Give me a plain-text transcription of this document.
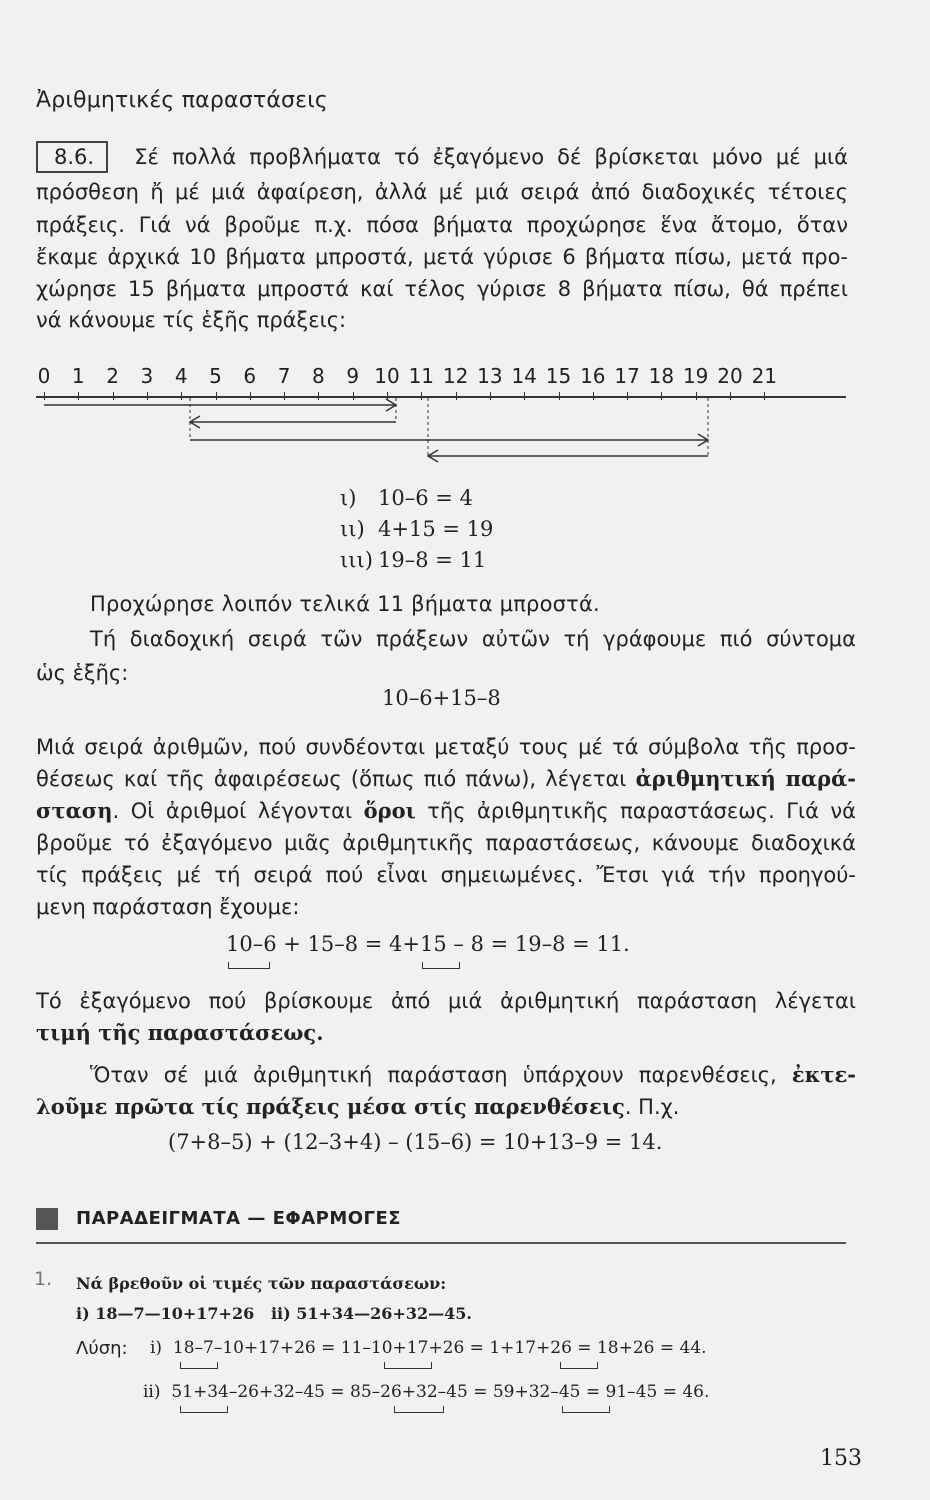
Ἀριθμητικές παραστάσεις
8.6. Σέ πολλά προβλήματα τό ἐξαγόμενο δέ βρίσκεται μόνο μέ μιά
πρόσθεση ἤ μέ μιά ἀφαίρεση, ἀλλά μέ μιά σειρά ἀπό διαδοχικές τέτοιες
πράξεις. Γιά νά βροῦμε π.χ. πόσα βήματα προχώρησε ἕνα ἄτομο, ὅταν
ἔκαμε ἀρχικά 10 βήματα μπροστά, μετά γύρισε 6 βήματα πίσω, μετά προ-
χώρησε 15 βήματα μπροστά καί τέλος γύρισε 8 βήματα πίσω, θά πρέπει
νά κάνουμε τίς ἑξῆς πράξεις:
0 1 2 3 4 5 6 7 8 9 10 11 12 13 14 15 16 17 18 19 20 21
ι) 10–6 = 4
ιι) 4+15 = 19
ιιι) 19–8 = 11
Προχώρησε λοιπόν τελικά 11 βήματα μπροστά.
Τή διαδοχική σειρά τῶν πράξεων αὐτῶν τή γράφουμε πιό σύντομα
ὡς ἑξῆς:
10–6+15–8
Μιά σειρά ἀριθμῶν, πού συνδέονται μεταξύ τους μέ τά σύμβολα τῆς προσ-
θέσεως καί τῆς ἀφαιρέσεως (ὅπως πιό πάνω), λέγεται ἀριθμητική παρά-
σταση. Οἱ ἀριθμοί λέγονται ὅροι τῆς ἀριθμητικῆς παραστάσεως. Γιά νά
βροῦμε τό ἐξαγόμενο μιᾶς ἀριθμητικῆς παραστάσεως, κάνουμε διαδοχικά
τίς πράξεις μέ τή σειρά πού εἶναι σημειωμένες. Ἔτσι γιά τήν προηγού-
μενη παράσταση ἔχουμε:
10–6 + 15–8 = 4+15 – 8 = 19–8 = 11.
Τό ἐξαγόμενο πού βρίσκουμε ἀπό μιά ἀριθμητική παράσταση λέγεται
τιμή τῆς παραστάσεως.
Ὅταν σέ μιά ἀριθμητική παράσταση ὑπάρχουν παρενθέσεις, ἐκτε-
λοῦμε πρῶτα τίς πράξεις μέσα στίς παρενθέσεις. Π.χ.
(7+8–5) + (12–3+4) – (15–6) = 10+13–9 = 14.
ΠΑΡΑΔΕΙΓΜΑΤΑ — ΕΦΑΡΜΟΓΕΣ
1. Νά βρεθοῦν οἱ τιμές τῶν παραστάσεων:
i) 18—7—10+17+26   ii) 51+34—26+32—45.
Λύση: i)  18–7–10+17+26 = 11–10+17+26 = 1+17+26 = 18+26 = 44.
ii)  51+34–26+32–45 = 85–26+32–45 = 59+32–45 = 91–45 = 46.
153
